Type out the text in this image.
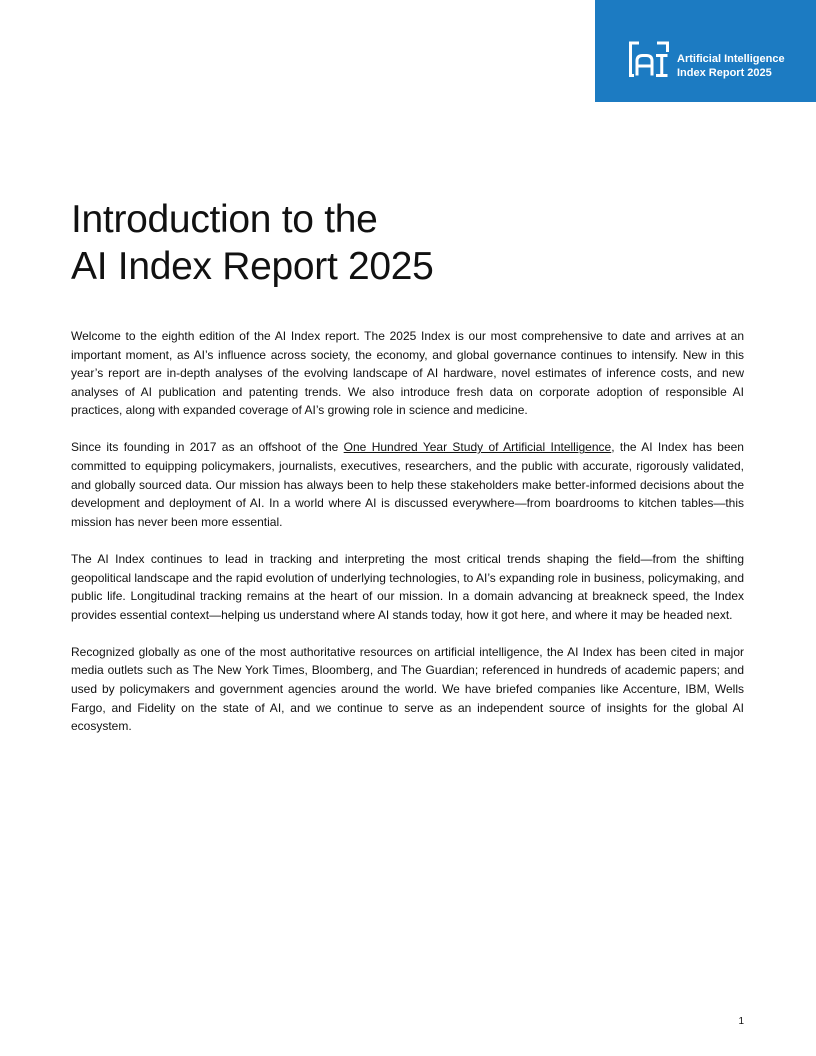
Artificial Intelligence
Index Report 2025
Introduction to the
AI Index Report 2025

Welcome to the eighth edition of the AI Index report. The 2025 Index is our most comprehensive to date and arrives at an important moment, as AI’s influence across society, the economy, and global governance continues to intensify. New in this year’s report are in-depth analyses of the evolving landscape of AI hardware, novel estimates of inference costs, and new analyses of AI publication and patenting trends. We also introduce fresh data on corporate adoption of responsible AI practices, along with expanded coverage of AI’s growing role in science and medicine.

Since its founding in 2017 as an offshoot of the One Hundred Year Study of Artificial Intelligence, the AI Index has been committed to equipping policymakers, journalists, executives, researchers, and the public with accurate, rigorously validated, and globally sourced data. Our mission has always been to help these stakeholders make better-informed decisions about the development and deployment of AI. In a world where AI is discussed everywhere—from boardrooms to kitchen tables—this mission has never been more essential.

The AI Index continues to lead in tracking and interpreting the most critical trends shaping the field—from the shifting geopolitical landscape and the rapid evolution of underlying technologies, to AI’s expanding role in business, policymaking, and public life. Longitudinal tracking remains at the heart of our mission. In a domain advancing at breakneck speed, the Index provides essential context—helping us understand where AI stands today, how it got here, and where it may be headed next.

Recognized globally as one of the most authoritative resources on artificial intelligence, the AI Index has been cited in major media outlets such as The New York Times, Bloomberg, and The Guardian; referenced in hundreds of academic papers; and used by policymakers and government agencies around the world. We have briefed companies like Accenture, IBM, Wells Fargo, and Fidelity on the state of AI, and we continue to serve as an independent source of insights for the global AI ecosystem.

1
